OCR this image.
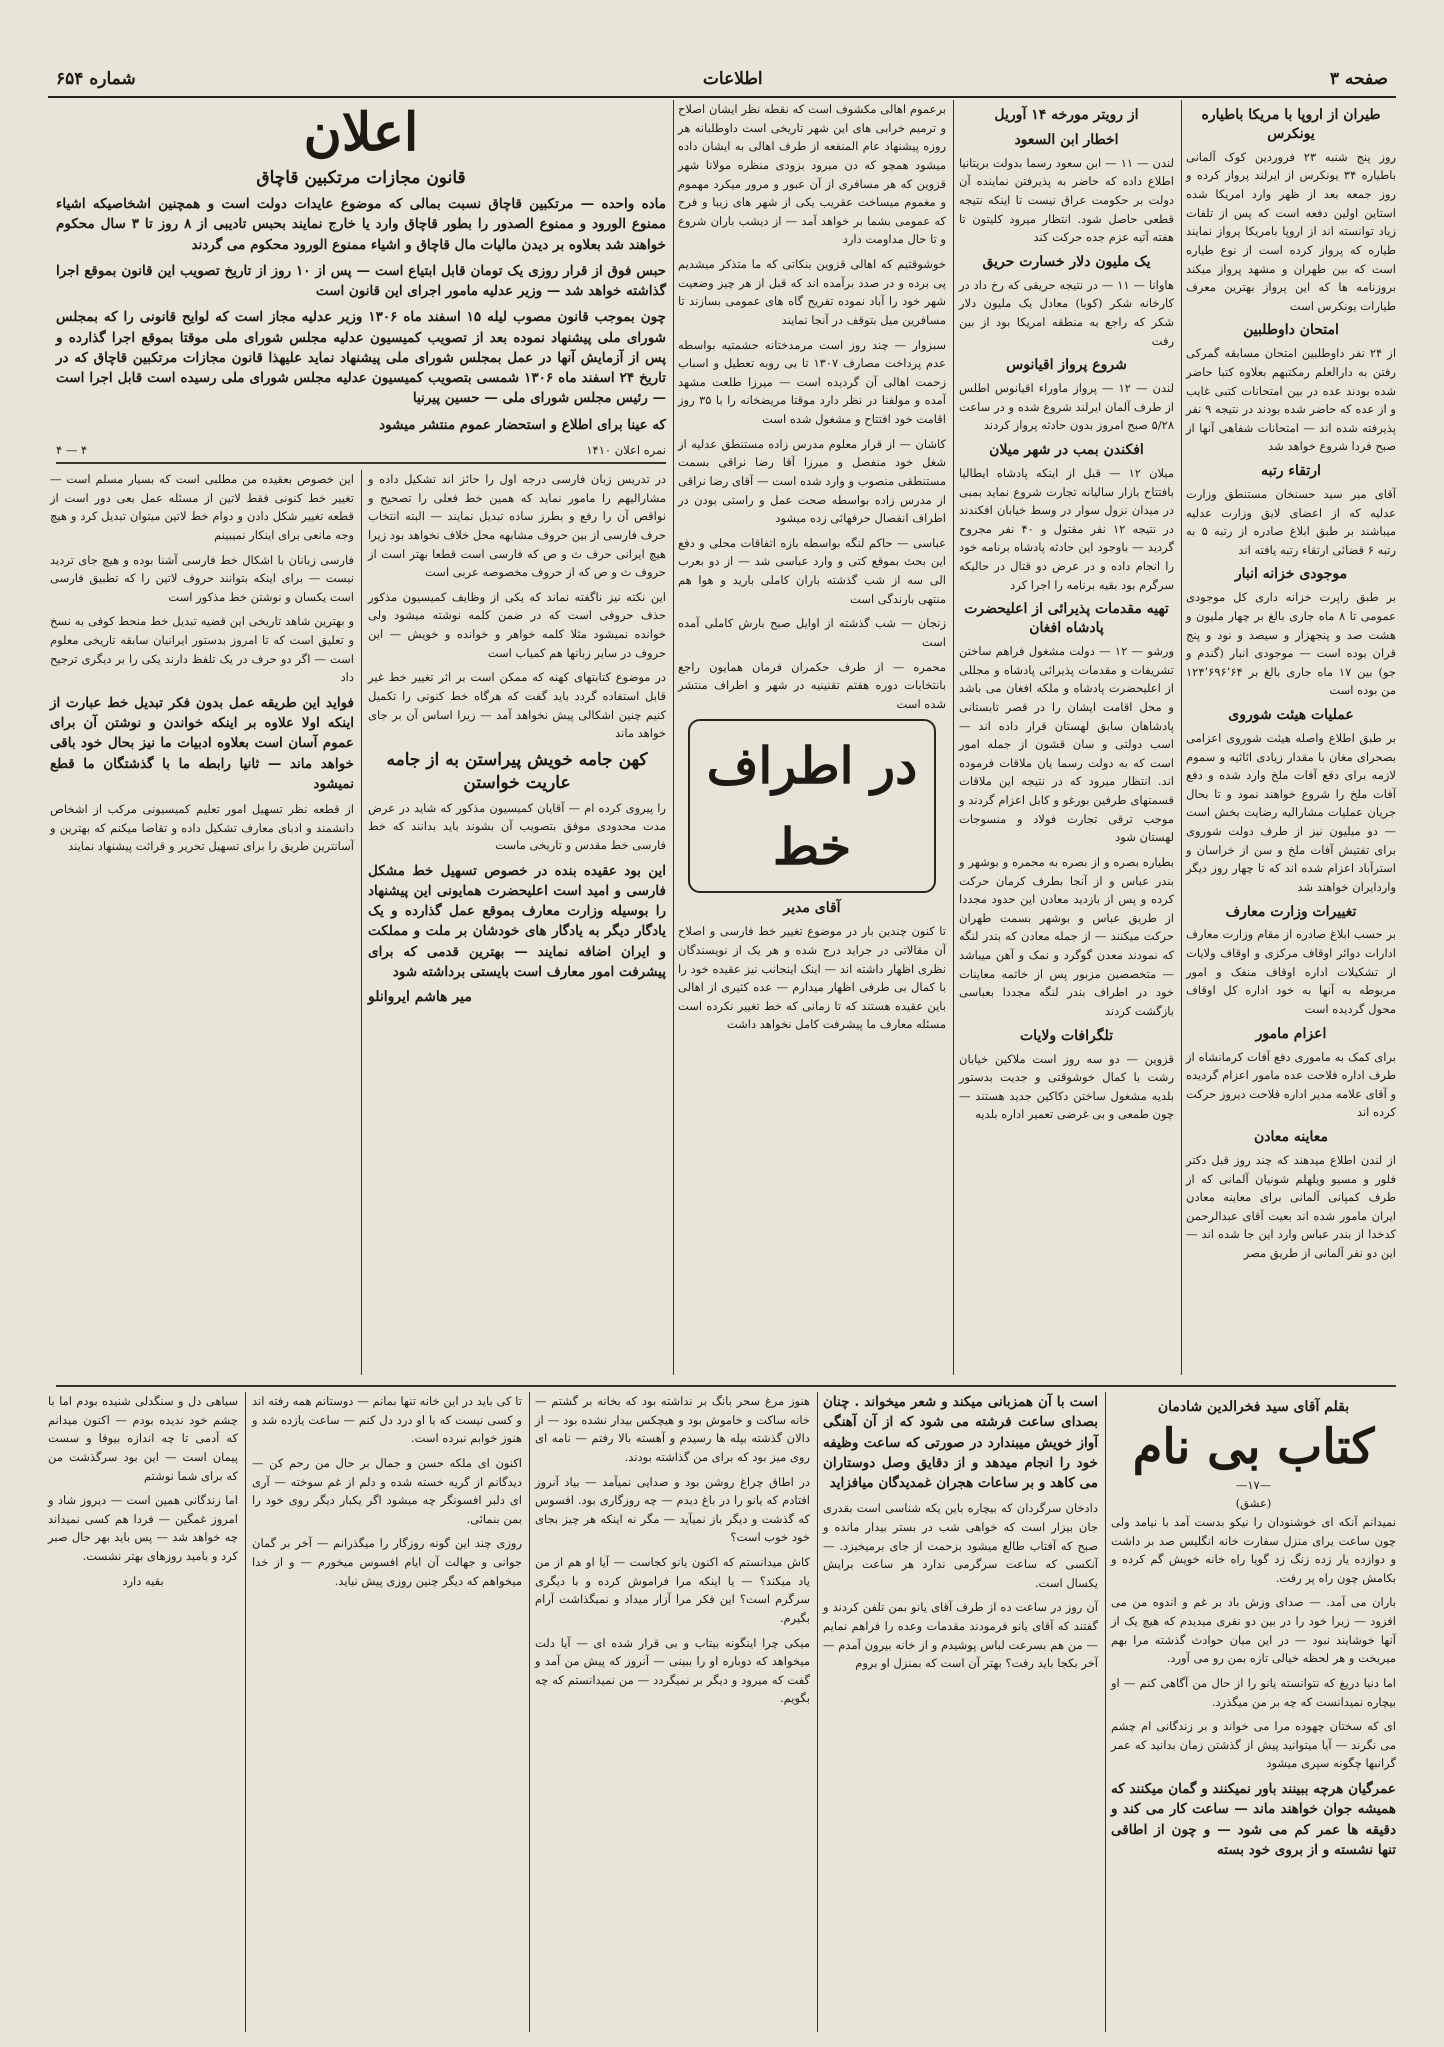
صفحه ۳
اطلاعات
شماره ۶۵۴
طیران از اروپا با مریکا باطیاره یونکرس

روز پنج شنبه ۲۳ فروردین کوک آلمانی باطیاره ۳۴ یونکرس از ایرلند پرواز کرده و روز جمعه بعد از ظهر وارد امریکا شده استاین اولین دفعه است که پس از تلفات زیاد توانسته اند از اروپا بامریکا پرواز نمایند طیاره که پرواز کرده است از نوع طیاره است که بین طهران و مشهد پرواز میکند بروزنامه ها که این پرواز بهترین معرف طیارات یونکرس است

امتحان داوطلبین

از ۲۴ نفر داوطلبین امتحان مسابقه گمرکی رفتن به دارالعلم رمکتبهم بعلاوه کتبا حاضر شده بودند عده در بین امتحانات کتبی غایب و از عده که حاضر شده بودند در نتیجه ۹ نفر پذیرفته شده اند — امتحانات شفاهی آنها از صبح فردا شروع خواهد شد

ارتقاء رتبه

آقای میر سید حسنخان مستنطق وزارت عدلیه که از اعضای لایق وزارت عدلیه میباشند بر طبق ابلاغ صادره از رتبه ۵ به رتبه ۶ قضائی ارتقاء رتبه یافته اند

موجودی خزانه انبار

بر طبق راپرت خزانه داری کل موجودی عمومی تا ۸ ماه جاری بالغ بر چهار ملیون و هشت صد و پنجهزار و سیصد و نود و پنج قران بوده است — موجودی انبار (گندم و جو) بین ۱۷ ماه جاری بالغ بر ۱۲۴٬۶۹۶٬۶۴ من بوده است

عملیات هیئت شوروی

بر طبق اطلاع واصله هیئت شوروی اعزامی بصحرای مغان با مقدار زیادی اثاثیه و سموم لازمه برای دفع آفات ملخ وارد شده و دفع آفات ملخ را شروع خواهند نمود و تا بحال جریان عملیات مشارالیه رضایت بخش است — دو میلیون نیز از طرف دولت شوروی برای تفتیش آفات ملخ و سن از خراسان و استرآباد اعزام شده اند که تا چهار روز دیگر واردایران خواهند شد

تغییرات وزارت معارف

بر حسب ابلاغ صادره از مقام وزارت معارف ادارات دوائر اوقاف مرکزی و اوقاف ولایات از تشکیلات اداره اوقاف منفک و امور مربوطه به آنها به خود اداره کل اوقاف محول گردیده است

اعزام مامور

برای کمک به ماموری دفع آفات کرمانشاه از طرف اداره فلاحت عده مامور اعزام گردیده و آقای علامه مدیر اداره فلاحت دیروز حرکت کرده اند

معاینه معادن

از لندن اطلاع میدهند که چند روز قبل دکتر فلور و مسیو ویلهلم شونیان آلمانی که از طرف کمپانی آلمانی برای معاینه معادن ایران مامور شده اند بعیت آقای عبدالرحمن کدخدا از بندر عباس وارد این جا شده اند — این دو نفر آلمانی از طریق مصر

از رویتر مورخه ۱۴ آوریل
اخطار ابن السعود

لندن — ۱۱ — ابن سعود رسما بدولت بریتانیا اطلاع داده که حاضر به پذیرفتن نماینده آن دولت بر حکومت عراق نیست تا اینکه نتیجه قطعی حاصل شود. انتظار میرود کلیتون تا هفته آتیه عزم جده حرکت کند

یک ملیون دلار خسارت حریق

هاوانا — ۱۱ — در نتیجه حریقی که رخ داد در کارخانه شکر (کوبا) معادل یک ملیون دلار شکر که راجع به منطقه امریکا بود از بین رفت

شروع پرواز اقیانوس

لندن — ۱۲ — پرواز ماوراء اقیانوس اطلس از طرف آلمان ایرلند شروع شده و در ساعت ۵/۲۸ صبح امروز بدون حادثه پرواز کردند

افکندن بمب در شهر میلان

میلان ۱۲ — قبل از اینکه پادشاه ایطالیا بافتتاح بازار سالیانه تجارت شروع نماید بمبی در میدان نزول سوار در وسط خیابان افکندند در نتیجه ۱۲ نفر مقتول و ۴۰ نفر مجروح گردید — باوجود این حادثه پادشاه برنامه خود را انجام داده و در عرض دو قتال در حالیکه سرگرم بود بقیه برنامه را اجرا کرد

تهیه مقدمات پذیرائی از اعلیحضرت پادشاه افغان

ورشو — ۱۲ — دولت مشغول فراهم ساختن تشریفات و مقدمات پذیرائی پادشاه و مجللی از اعلیحضرت پادشاه و ملکه افغان می باشد و محل اقامت ایشان را در قصر تابستانی پادشاهان سابق لهستان قرار داده اند — اسب دولتی و سان قشون از جمله امور است که به دولت رسما یان ملاقات فرموده اند. انتظار میرود که در نتیجه این ملاقات قسمتهای طرفین بورغو و کابل اعزام گردند و موجب ترقی تجارت فولاد و منسوجات لهستان شود

بطیاره بصره و از بصره به محمره و بوشهر و بندر عباس و از آنجا بطرف کرمان حرکت کرده و پس از بازدید معادن این حدود مجددا از طریق عباس و بوشهر بسمت طهران حرکت میکنند — از جمله معادن که بندر لنگه که نمودند معدن گوگرد و نمک و آهن میباشد — متخصصین مزبور پس از خاتمه معاینات خود در اطراف بندر لنگه مجددا بعباسی بازگشت کردند

تلگرافات ولایات

قزوین — دو سه روز است ملاکین خیابان رشت با کمال خوشوقتی و جدیت بدستور بلدیه مشغول ساختن دکاکین جدید هستند — چون طمعی و بی غرضی تعمیر اداره بلدیه

برعموم اهالی مکشوف است که نقطه نظر ایشان اصلاح و ترمیم خرابی های این شهر تاریخی است داوطلبانه هر روزه پیشنهاد عام المنفعه از طرف اهالی به ایشان داده میشود همچو که دن میرود بزودی منظره مولانا شهر قزوین که هر مسافری از آن عبور و مرور میکرد مهموم و مغموم میساخت عقریب یکی از شهر های زیبا و فرح که عمومی بشما بر خواهد آمد — از دیشب باران شروع و تا حال مداومت دارد

خوشوقتیم که اهالی قزوین بنکاتی که ما متذکر میشدیم پی برده و در صدد برآمده اند که قبل از هر چیز وضعیت شهر خود را آباد نموده تفریح گاه های عمومی بسازند تا مسافرین میل بتوقف در آنجا نمایند

سبزوار — چند روز است مرمدختانه حشمتیه بواسطه عدم پرداخت مصارف ۱۳۰۷ تا بی روبه تعطیل و اسباب زحمت اهالی آن گردیده است — میرزا طلعت مشهد آمده و مولفنا در نظر دارد موقتا مریضخانه را با ۳۵ روز اقامت خود افتتاح و مشغول شده است

کاشان — از قرار معلوم مدرس زاده مستنطق عدلیه از شغل خود منفصل و میرزا آقا رضا نراقی بسمت مستنطقی منصوب و وارد شده است — آقای رضا نراقی از مدرس زاده بواسطه صحت عمل و راستی بودن در اطراف انفصال حرفهائی زده میشود

عباسی — حاکم لنگه بواسطه بازه اتفاقات محلی و دفع این بحث بموقع کتی و وارد عباسی شد — از دو بعرب الی سه از شب گذشته باران کاملی بارید و هوا هم منتهی بارندگی است

زنجان — شب گذشته از اوایل صبح بارش کاملی آمده است

محمره — از طرف حکمران فرمان همایون راجع بانتخابات دوره هفتم تقنینیه در شهر و اطراف منتشر شده است

در اطراف خط
آقای مدیر

تا کنون چندین بار در موضوع تغییر خط فارسی و اصلاح آن مقالاتی در جراید درج شده و هر یک از نویسندگان نظری اظهار داشته اند — اینک اینجانب نیز عقیده خود را با کمال بی طرفی اظهار میدارم — عده کثیری از اهالی باین عقیده هستند که تا زمانی که خط تغییر نکرده است مسئله معارف ما پیشرفت کامل نخواهد داشت

اعلان
قانون مجازات مرتکبین قاچاق

ماده واحده — مرتکبین قاچاق نسبت بمالی که موضوع عایدات دولت است و همچنین اشخاصیکه اشیاء ممنوع الورود و ممنوع الصدور را بطور قاچاق وارد یا خارج نمایند بحبس تادیبی از ۸ روز تا ۳ سال محکوم خواهند شد بعلاوه بر دیدن مالیات مال قاچاق و اشیاء ممنوع الورود محکوم می گردند

حبس فوق از قرار روزی یک تومان قابل ابتیاع است — پس از ۱۰ روز از تاریخ تصویب این قانون بموقع اجرا گذاشته خواهد شد — وزیر عدلیه مامور اجرای این قانون است

چون بموجب قانون مصوب لیله ۱۵ اسفند ماه ۱۳۰۶ وزیر عدلیه مجاز است که لوایح قانونی را که بمجلس شورای ملی پیشنهاد نموده بعد از تصویب کمیسیون عدلیه مجلس شورای ملی موقتا بموقع اجرا گذارده و پس از آزمایش آنها در عمل بمجلس شورای ملی پیشنهاد نماید علیهذا قانون مجازات مرتکبین قاچاق که در تاریخ ۲۴ اسفند ماه ۱۳۰۶ شمسی بتصویب کمیسیون عدلیه مجلس شورای ملی رسیده است قابل اجرا است — رئیس مجلس شورای ملی — حسین پیرنیا

که عینا برای اطلاع و استحضار عموم منتشر میشود

نمره اعلان ۱۴۱۰
۴ — ۴

در تدریس زبان فارسی درجه اول را حائز اند تشکیل داده و مشاراليهم را مامور نماید که همین خط فعلی را تصحیح و نواقص آن را رفع و بطرز ساده تبدیل نمایند — البته انتخاب حرف فارسی از بین حروف مشابهه محل خلاف نخواهد بود زیرا هیچ ایرانی حرف ث و ص که فارسی است قطعا بهتر است از حروف ث و ص که از حروف مخصوصه عربی است

این نکته نیز ناگفته نماند که یکی از وظایف کمیسیون مذکور حذف حروفی است که در ضمن کلمه نوشته میشود ولی خوانده نمیشود مثلا کلمه خواهر و خوانده و خویش — این حروف در سایر زبانها هم کمیاب است

در موضوع کتابتهای کهنه که ممکن است بر اثر تغییر خط غیر قابل استفاده گردد باید گفت که هرگاه خط کنونی را تکمیل کنیم چنین اشکالی پیش نخواهد آمد — زیرا اساس آن بر جای خواهد ماند

کهن جامه خویش پیراستن به از جامه عاریت خواستن

را پیروی کرده ام — آقایان کمیسیون مذکور که شاید در عرض مدت محدودی موفق بتصویب آن بشوند باید بدانند که خط فارسی خط مقدس و تاریخی ماست

این بود عقیده بنده در خصوص تسهیل خط مشکل فارسی و امید است اعلیحضرت همایونی این پیشنهاد را بوسیله وزارت معارف بموقع عمل گذارده و یک یادگار دیگر به یادگار های خودشان بر ملت و مملکت و ایران اضافه نمایند — بهترین قدمی که برای پیشرفت امور معارف است بایستی برداشته شود

میر هاشم ایروانلو

این خصوص بعقیده من مطلبی است که بسیار مسلم است — تغییر خط کنونی فقط لاتین از مسئله عمل بعی دور است از قطعه تغییر شکل دادن و دوام خط لاتین میتوان تبدیل کرد و هیچ وجه مانعی برای اینکار نمیبینم

فارسی زبانان با اشکال خط فارسی آشنا بوده و هیچ جای تردید نیست — برای اینکه بتوانند حروف لاتین را که تطبیق فارسی است یکسان و نوشتن خط مذکور است

و بهترین شاهد تاریخی این قضیه تبدیل خط منحط کوفی به نسخ و تعلیق است که تا امروز بدستور ایرانیان سابقه تاریخی معلوم است — اگر دو حرف در یک تلفظ دارند یکی را بر دیگری ترجیح داد

فواید این طریقه عمل بدون فکر تبدیل خط عبارت از اینکه اولا علاوه بر اینکه خواندن و نوشتن آن برای عموم آسان است بعلاوه ادبیات ما نیز بحال خود باقی خواهد ماند — ثانیا رابطه ما با گذشتگان ما قطع نمیشود

از قطعه نظر تسهیل امور تعلیم کمیسیونی مرکب از اشخاص دانشمند و ادبای معارف تشکیل داده و تقاضا میکنم که بهترین و آسانترین طریق را برای تسهیل تحریر و قرائت پیشنهاد نمایند

بقلم آقای سید فخرالدین شادمان
کتاب بی نام
—۱۷—
(عشق)

نمیدانم آنکه ای خوشنودان را نیکو بدست آمد با نیامد ولی چون ساعت یرای منزل سفارت خانه انگلیس صد بر داشت و دوازده یار زده زنگ زد گویا راه خانه خویش گم کرده و بکامش چون راه پر رفت.

باران می آمد. — صدای وزش باد بر غم و اندوه من می افزود — زیرا خود را در بین دو نفری میدیدم که هیچ یک از آنها خوشایند نبود — در این میان حوادث گذشته مرا بهم میریخت و هر لحظه خیالی تازه بمن رو می آورد.

اما دنیا دریغ که نتوانسته یانو را از حال من آگاهی کنم — او بیچاره نمیدانست که چه بر من میگذرد.

ای که سختان چهوده مرا می خواند و بر زندگانی ام چشم می نگرند — آیا میتوانید پیش از گذشتن زمان بدانید که عمر گرانبها چگونه سپری میشود

عمرگیان هرچه ببینند باور نمیکنند و گمان میکنند که همیشه جوان خواهند ماند — ساعت کار می کند و دقیقه ها عمر کم می شود — و چون از اطاقی تنها نشسته و از بروی خود بسته

است با آن همزبانی میکند و شعر میخواند . چنان بصدای ساعت فرشته می شود که از آن آهنگی آواز خویش میبندارد در صورتی که ساعت وظیفه خود را انجام میدهد و از دقایق وصل دوستاران می کاهد و بر ساعات هجران غمدیدگان میافزاید

دادخان سرگردان که بیچاره باین یکه شناسی است بقدری جان بیزار است که خواهی شب در بستر بیدار مانده و صبح که آفتاب طالع میشود بزحمت از جای برمیخیزد. — آنکسی که ساعت سرگرمی ندارد هر ساعت برایش یکسال است.

آن روز در ساعت ده از طرف آقای یانو بمن تلفن کردند و گفتند که آقای یانو فرمودند مقدمات وعده را فراهم نمایم — من هم بسرعت لباس پوشیدم و از خانه بیرون آمدم — آخر بکجا باید رفت؟ بهتر آن است که بمنزل او بروم

هنوز مرغ سحر بانگ بر نداشته بود که بخانه بر گشتم — خانه ساکت و خاموش بود و هیچکس بیدار نشده بود — از دالان گذشته بپله ها رسیدم و آهسته بالا رفتم — نامه ای روی میز بود که برای من گذاشته بودند.

در اطاق چراغ روشن بود و صدایی نمیآمد — بیاد آنروز افتادم که یانو را در باغ دیدم — چه روزگاری بود. افسوس که گذشت و دیگر باز نمیآید — مگر نه اینکه هر چیز بجای خود خوب است؟

کاش میدانستم که اکنون یانو کجاست — آیا او هم از من یاد میکند؟ — یا اینکه مرا فراموش کرده و با دیگری سرگرم است؟ این فکر مرا آزار میداد و نمیگذاشت آرام بگیرم.

میکی چرا اینگونه بیتاب و بی قرار شده ای — آیا دلت میخواهد که دوباره او را ببینی — آنروز که پیش من آمد و گفت که میرود و دیگر بر نمیگردد — من نمیدانستم که چه بگویم.

تا کی باید در این خانه تنها بمانم — دوستانم همه رفته اند و کسی نیست که با او درد دل کنم — ساعت یازده شد و هنوز خوابم نبرده است.

اکنون ای ملکه حسن و جمال بر حال من رحم کن — دیدگانم از گریه خسته شده و دلم از غم سوخته — آری ای دلبر افسونگر چه میشود اگر یکبار دیگر روی خود را بمن بنمائی.

روزی چند این گونه روزگار را میگذرانم — آخر بر گمان جوانی و جهالت آن ایام افسوس میخورم — و از خدا میخواهم که دیگر چنین روزی پیش نیاید.

سیاهی دل و سنگدلی شنیده بودم اما با چشم خود ندیده بودم — اکنون میدانم که آدمی تا چه اندازه بیوفا و سست پیمان است — این بود سرگذشت من که برای شما نوشتم

اما زندگانی همین است — دیروز شاد و امروز غمگین — فردا هم کسی نمیداند چه خواهد شد — پس باید بهر حال صبر کرد و بامید روزهای بهتر نشست.

بقیه دارد
